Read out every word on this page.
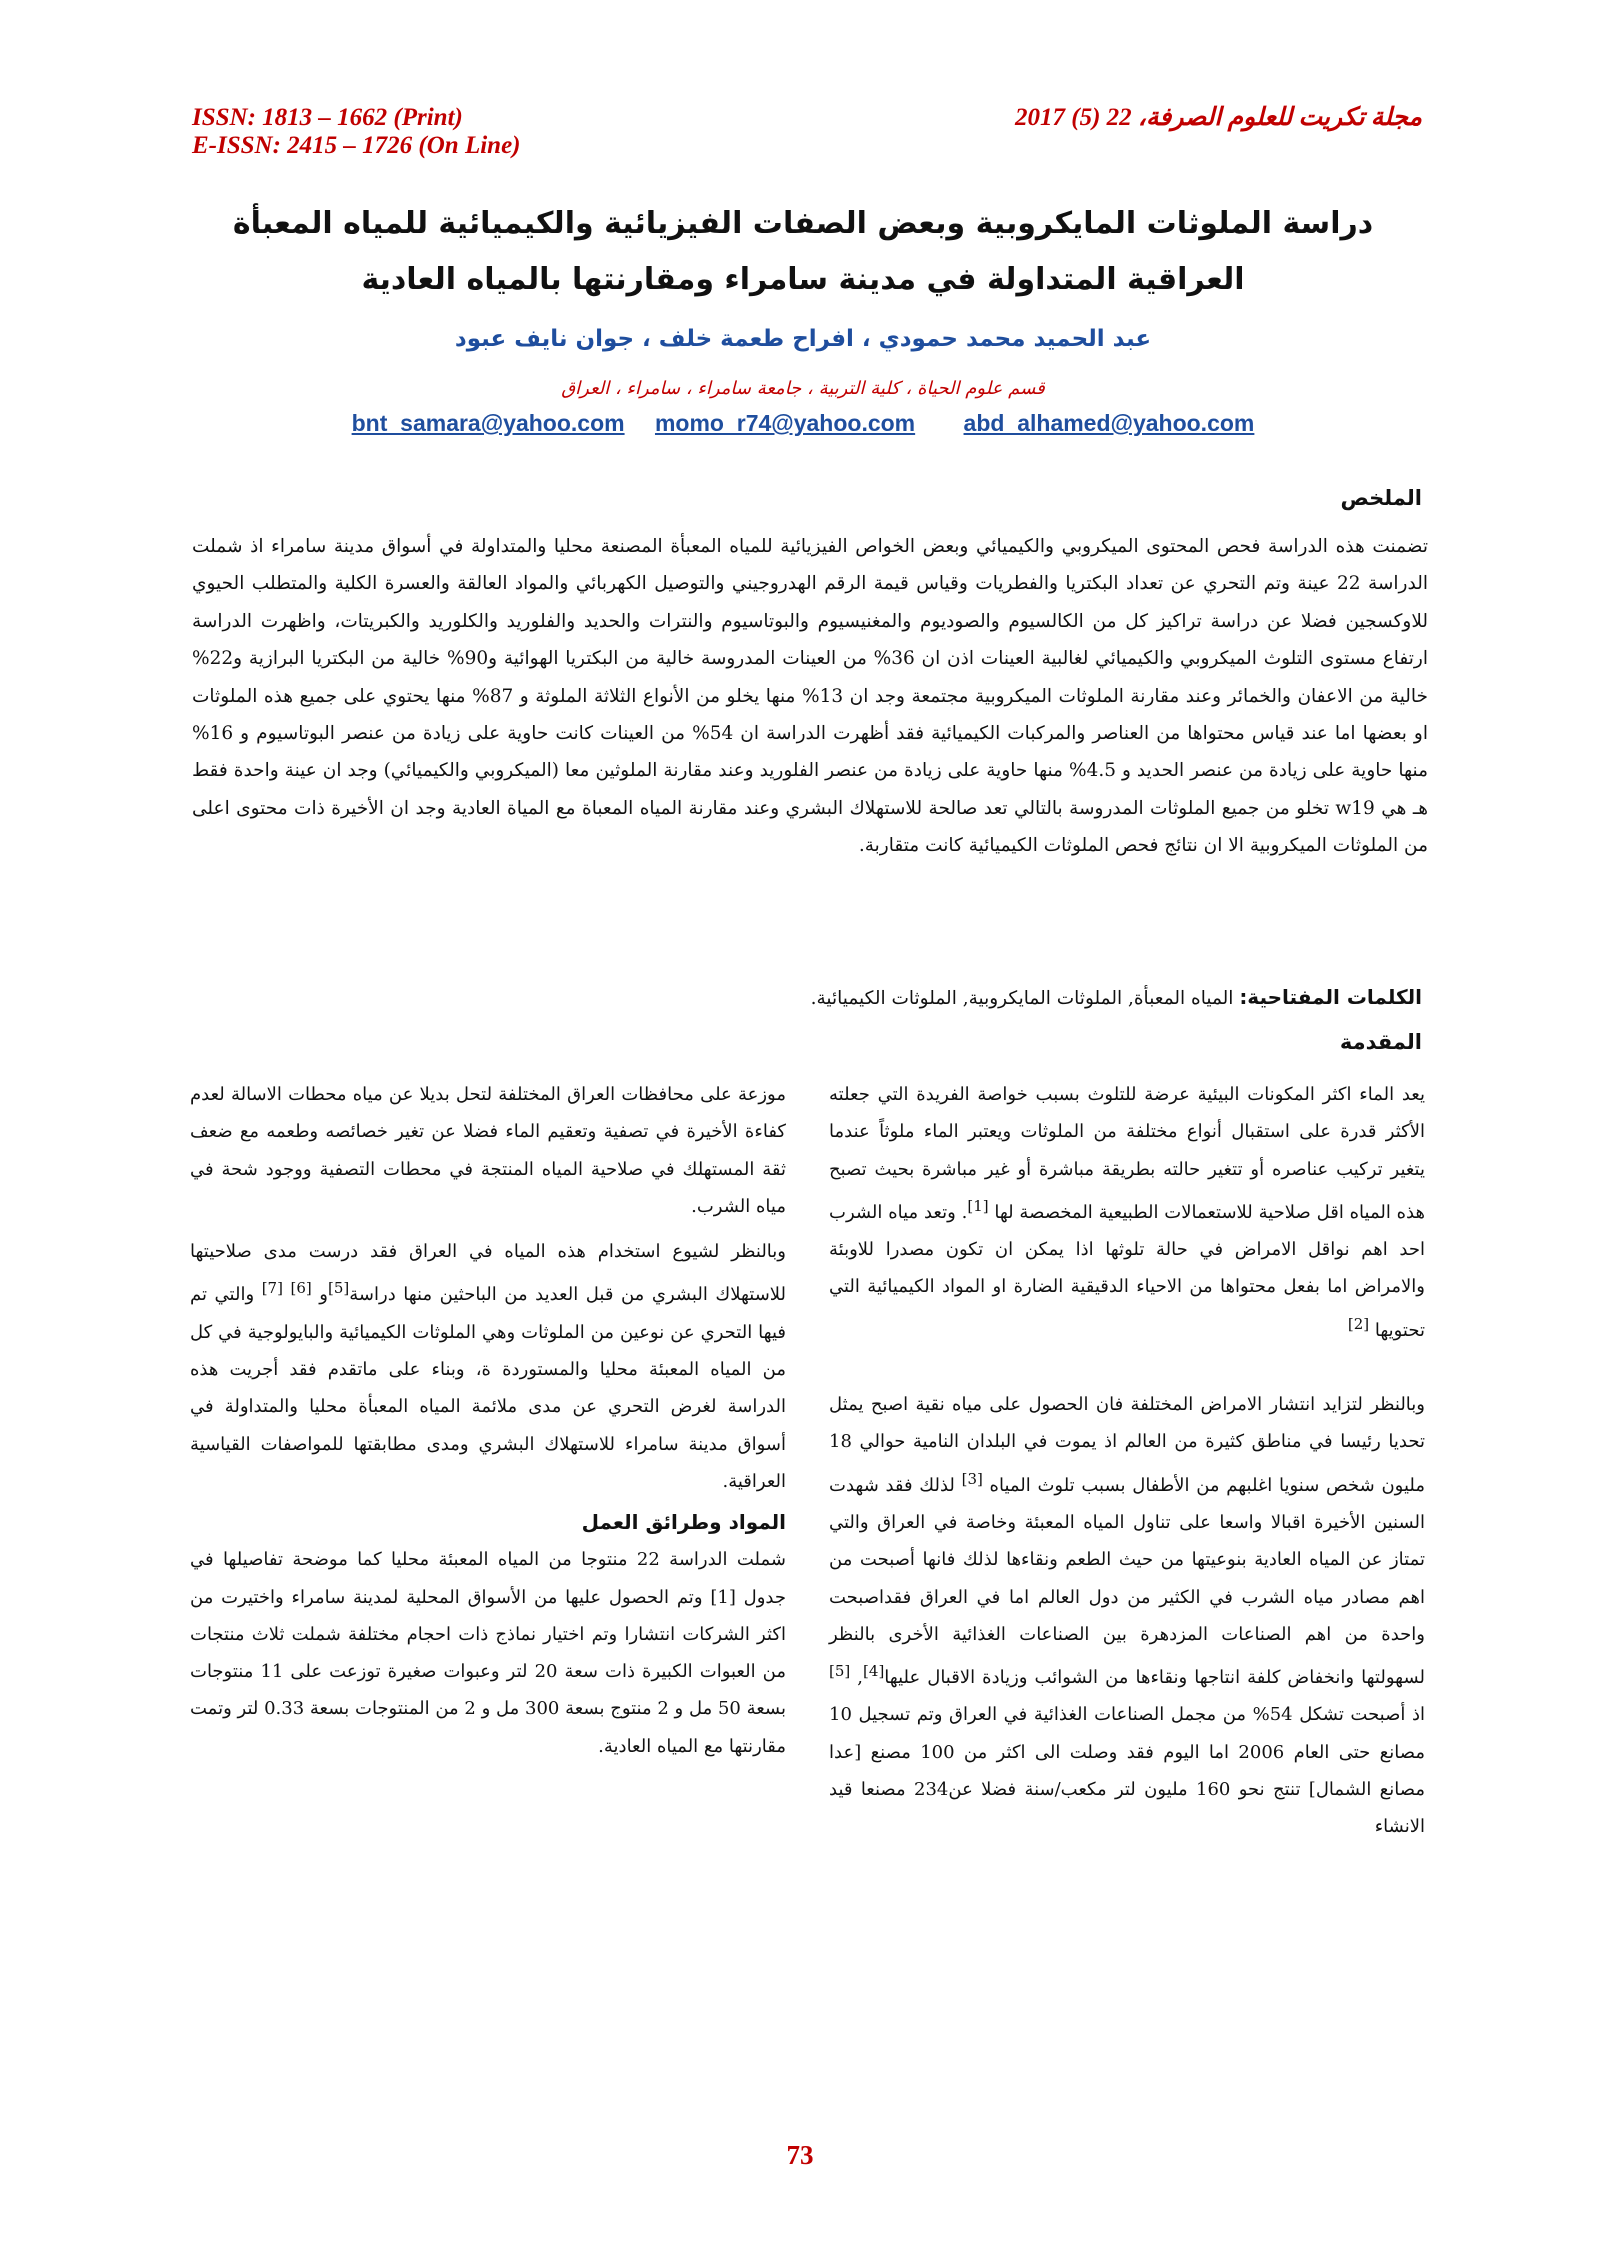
مجلة تكريت للعلوم الصرفة، 22 (5) 2017
ISSN: 1813 – 1662 (Print)
E-ISSN: 2415 – 1726 (On Line)
دراسة الملوثات المايكروبية وبعض الصفات الفيزيائية والكيميائية للمياه المعبأة العراقية المتداولة في مدينة سامراء ومقارنتها بالمياه العادية
عبد الحميد محمد حمودي ، افراح طعمة خلف ، جوان نايف عبود
قسم علوم الحياة ، كلية التربية ، جامعة سامراء ، سامراء ، العراق
bnt_samara@yahoo.com momo_r74@yahoo.com abd_alhamed@yahoo.com
الملخص

تضمنت هذه الدراسة فحص المحتوى الميكروبي والكيميائي وبعض الخواص الفيزيائية للمياه المعبأة المصنعة محليا والمتداولة في أسواق مدينة سامراء اذ شملت الدراسة 22 عينة وتم التحري عن تعداد البكتريا والفطريات وقياس قيمة الرقم الهدروجيني والتوصيل الكهربائي والمواد العالقة والعسرة الكلية والمتطلب الحيوي للاوكسجين فضلا عن دراسة تراكيز كل من الكالسيوم والصوديوم والمغنيسيوم والبوتاسيوم والنترات والحديد والفلوريد والكلوريد والكبريتات، واظهرت الدراسة ارتفاع مستوى التلوث الميكروبي والكيميائي لغالبية العينات اذن ان 36% من العينات المدروسة خالية من البكتريا الهوائية و90% خالية من البكتريا البرازية و22% خالية من الاعفان والخمائر وعند مقارنة الملوثات الميكروبية مجتمعة وجد ان 13% منها يخلو من الأنواع الثلاثة الملوثة و 87% منها يحتوي على جميع هذه الملوثات او بعضها اما عند قياس محتواها من العناصر والمركبات الكيميائية فقد أظهرت الدراسة ان 54% من العينات كانت حاوية على زيادة من عنصر البوتاسيوم و 16% منها حاوية على زيادة من عنصر الحديد و 4.5% منها حاوية على زيادة من عنصر الفلوريد وعند مقارنة الملوثين معا (الميكروبي والكيميائي) وجد ان عينة واحدة فقط هـ هي w19 تخلو من جميع الملوثات المدروسة بالتالي تعد صالحة للاستهلاك البشري وعند مقارنة المياه المعباة مع المياة العادية وجد ان الأخيرة ذات محتوى اعلى من الملوثات الميكروبية الا ان نتائج فحص الملوثات الكيميائية كانت متقاربة.

الكلمات المفتاحية: المياه المعبأة, الملوثات المايكروبية, الملوثات الكيميائية.

المقدمة

يعد الماء اكثر المكونات البيئية عرضة للتلوث بسبب خواصة الفريدة التي جعلته الأكثر قدرة على استقبال أنواع مختلفة من الملوثات ويعتبر الماء ملوثاً عندما يتغير تركيب عناصره أو تتغير حالته بطريقة مباشرة أو غير مباشرة بحيث تصبح هذه المياه اقل صلاحية للاستعمالات الطبيعية المخصصة لها [1]. وتعد مياه الشرب احد اهم نواقل الامراض في حالة تلوثها اذا يمكن ان تكون مصدرا للاوبئة والامراض اما بفعل محتواها من الاحياء الدقيقية الضارة او المواد الكيميائية التي تحتويها [2]

وبالنظر لتزايد انتشار الامراض المختلفة فان الحصول على مياه نقية اصبح يمثل تحديا رئيسا في مناطق كثيرة من العالم اذ يموت في البلدان النامية حوالي 18 مليون شخص سنويا اغلبهم من الأطفال بسبب تلوث المياه [3] لذلك فقد شهدت السنين الأخيرة اقبالا واسعا على تناول المياه المعبئة وخاصة في العراق والتي تمتاز عن المياه العادية بنوعيتها من حيث الطعم ونقاءها لذلك فانها أصبحت من اهم مصادر مياه الشرب في الكثير من دول العالم اما في العراق فقداصبحت واحدة من اهم الصناعات المزدهرة بين الصناعات الغذائية الأخرى بالنظر لسهولتها وانخفاض كلفة انتاجها ونقاءها من الشوائب وزيادة الاقبال عليها[4], [5] اذ أصبحت تشكل 54% من مجمل الصناعات الغذائية في العراق وتم تسجيل 10 مصانع حتى العام 2006 اما اليوم فقد وصلت الى اكثر من 100 مصنع [عدا مصانع الشمال] تنتج نحو 160 مليون لتر مكعب/سنة فضلا عن234 مصنعا قيد الانشاء

موزعة على محافظات العراق المختلفة لتحل بديلا عن مياه محطات الاسالة لعدم كفاءة الأخيرة في تصفية وتعقيم الماء فضلا عن تغير خصائصه وطعمه مع ضعف ثقة المستهلك في صلاحية المياه المنتجة في محطات التصفية ووجود شحة في مياه الشرب.

وبالنظر لشيوع استخدام هذه المياه في العراق فقد درست مدى صلاحيتها للاستهلاك البشري من قبل العديد من الباحثين منها دراسة[5]و [6] [7] والتي تم فيها التحري عن نوعين من الملوثات وهي الملوثات الكيميائية والبايولوجية في كل من المياه المعبئة محليا والمستوردة ة، وبناء على ماتقدم فقد أجريت هذه الدراسة لغرض التحري عن مدى ملائمة المياه المعبأة محليا والمتداولة في أسواق مدينة سامراء للاستهلاك البشري ومدى مطابقتها للمواصفات القياسية العراقية.

المواد وطرائق العمل

شملت الدراسة 22 منتوجا من المياه المعبئة محليا كما موضحة تفاصيلها في جدول [1] وتم الحصول عليها من الأسواق المحلية لمدينة سامراء واختيرت من اكثر الشركات انتشارا وتم اختيار نماذج ذات احجام مختلفة شملت ثلاث منتجات من العبوات الكبيرة ذات سعة 20 لتر وعبوات صغيرة توزعت على 11 منتوجات بسعة 50 مل و 2 منتوج بسعة 300 مل و 2 من المنتوجات بسعة 0.33 لتر وتمت مقارنتها مع المياه العادية.

73
